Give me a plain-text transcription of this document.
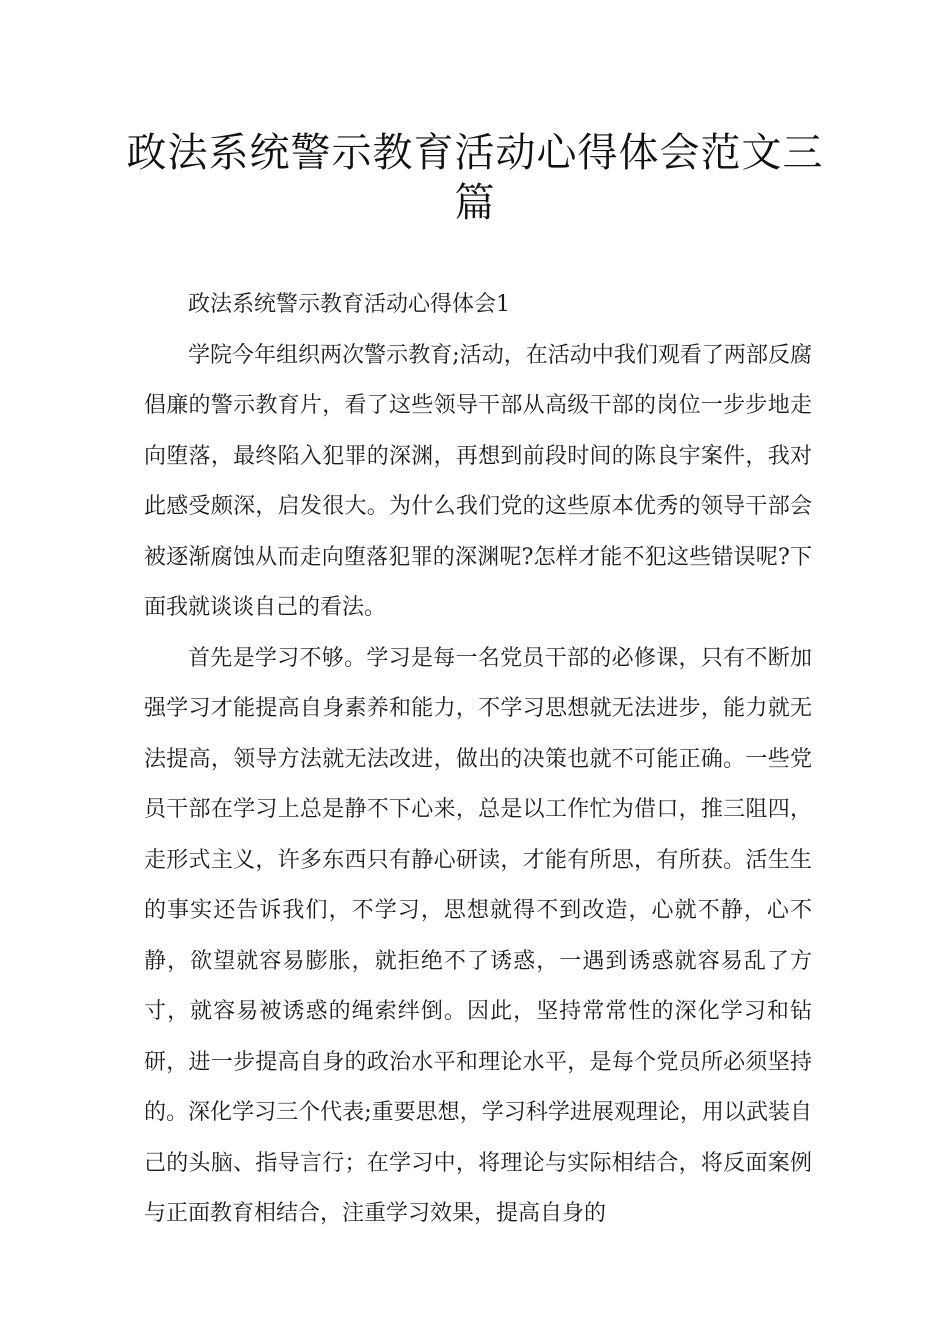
政法系统警示教育活动心得体会范文三篇
政法系统警示教育活动心得体会1

学院今年组织两次警示教育;活动，在活动中我们观看了两部反腐倡廉的警示教育片，看了这些领导干部从高级干部的岗位一步步地走向堕落，最终陷入犯罪的深渊，再想到前段时间的陈良宇案件，我对此感受颇深，启发很大。为什么我们党的这些原本优秀的领导干部会被逐渐腐蚀从而走向堕落犯罪的深渊呢?怎样才能不犯这些错误呢?下面我就谈谈自己的看法。

首先是学习不够。学习是每一名党员干部的必修课，只有不断加强学习才能提高自身素养和能力，不学习思想就无法进步，能力就无法提高，领导方法就无法改进，做出的决策也就不可能正确。一些党员干部在学习上总是静不下心来，总是以工作忙为借口，推三阻四，走形式主义，许多东西只有静心研读，才能有所思，有所获。活生生的事实还告诉我们，不学习，思想就得不到改造，心就不静，心不静，欲望就容易膨胀，就拒绝不了诱惑，一遇到诱惑就容易乱了方寸，就容易被诱惑的绳索绊倒。因此，坚持常常性的深化学习和钻研，进一步提高自身的政治水平和理论水平，是每个党员所必须坚持的。深化学习三个代表;重要思想，学习科学进展观理论，用以武装自己的头脑、指导言行；在学习中，将理论与实际相结合，将反面案例与正面教育相结合，注重学习效果，提高自身的
